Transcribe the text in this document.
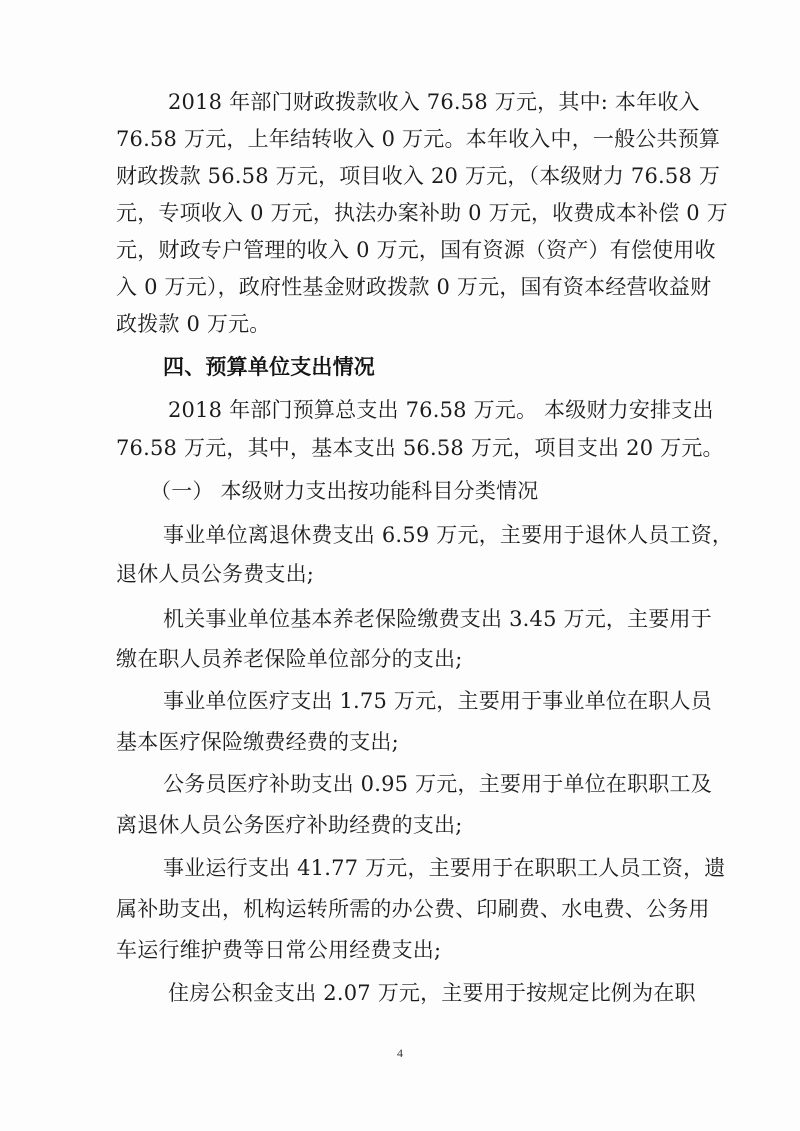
2018 年部门财政拨款收入 76.58 万元，其中: 本年收入
76.58 万元，上年结转收入 0 万元。本年收入中，一般公共预算
财政拨款 56.58 万元，项目收入 20 万元，（本级财力 76.58 万
元，专项收入 0 万元，执法办案补助 0 万元，收费成本补偿 0 万
元，财政专户管理的收入 0 万元，国有资源（资产）有偿使用收
入 0 万元），政府性基金财政拨款 0 万元，国有资本经营收益财
政拨款 0 万元。
四、预算单位支出情况
2018 年部门预算总支出 76.58 万元。 本级财力安排支出
76.58 万元，其中，基本支出 56.58 万元，项目支出 20 万元。
（一） 本级财力支出按功能科目分类情况
事业单位离退休费支出 6.59 万元，主要用于退休人员工资，
退休人员公务费支出;
机关事业单位基本养老保险缴费支出 3.45 万元，主要用于
缴在职人员养老保险单位部分的支出;
事业单位医疗支出 1.75 万元，主要用于事业单位在职人员
基本医疗保险缴费经费的支出;
公务员医疗补助支出 0.95 万元，主要用于单位在职职工及
离退休人员公务医疗补助经费的支出;
事业运行支出 41.77 万元，主要用于在职职工人员工资，遗
属补助支出，机构运转所需的办公费、印刷费、水电费、公务用
车运行维护费等日常公用经费支出;
住房公积金支出 2.07 万元，主要用于按规定比例为在职
4
